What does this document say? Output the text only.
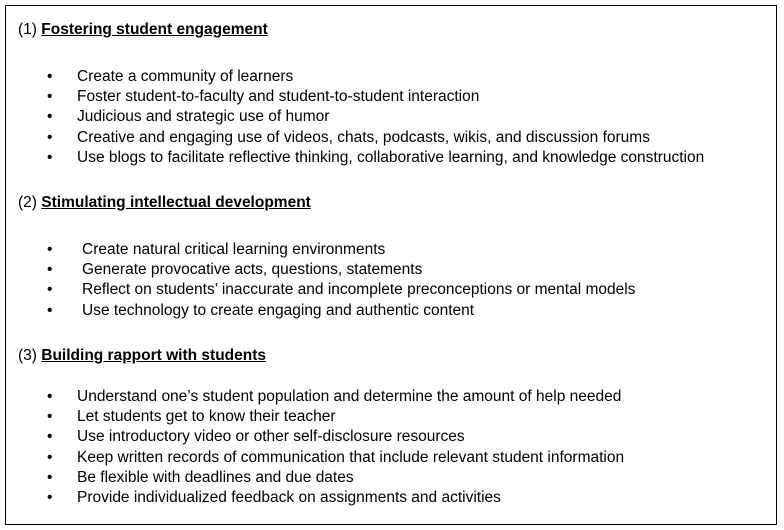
(1) Fostering student engagement
• Create a community of learners
• Foster student-to-faculty and student-to-student interaction
• Judicious and strategic use of humor
• Creative and engaging use of videos, chats, podcasts, wikis, and discussion forums
• Use blogs to facilitate reflective thinking, collaborative learning, and knowledge construction
(2) Stimulating intellectual development
• Create natural critical learning environments
• Generate provocative acts, questions, statements
• Reflect on students’ inaccurate and incomplete preconceptions or mental models
• Use technology to create engaging and authentic content
(3) Building rapport with students
• Understand one’s student population and determine the amount of help needed
• Let students get to know their teacher
• Use introductory video or other self-disclosure resources
• Keep written records of communication that include relevant student information
• Be flexible with deadlines and due dates
• Provide individualized feedback on assignments and activities
